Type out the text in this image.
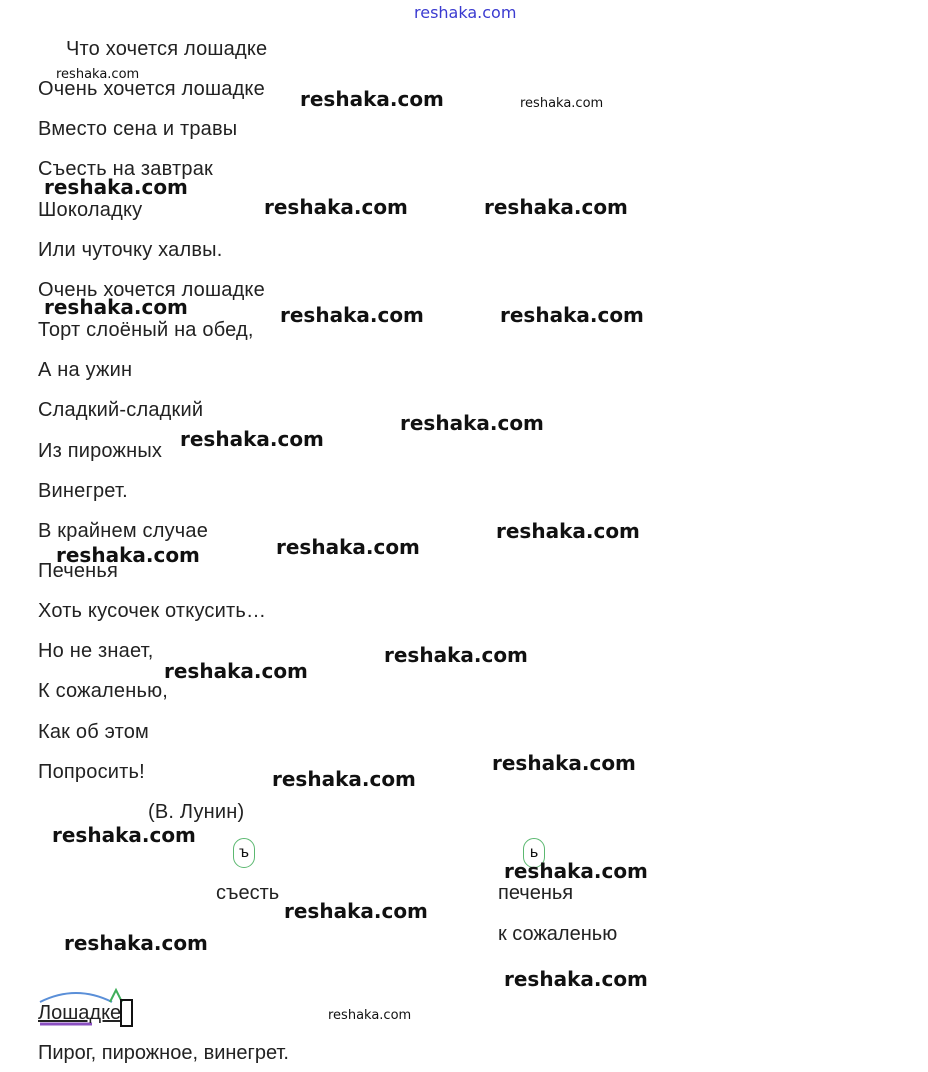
reshaka.com
Что хочется лошадке
Очень хочется лошадке
Вместо сена и травы
Съесть на завтрак
Шоколадку
Или чуточку халвы.
Очень хочется лошадке
Торт слоёный на обед,
А на ужин
Сладкий-сладкий
Из пирожных
Винегрет.
В крайнем случае
Печенья
Хоть кусочек откусить…
Но не знает,
К сожаленью,
Как об этом
Попросить!
(В. Лунин)
ъ	ь
съесть	печенья
к сожаленью
Лошадке
Пирог, пирожное, винегрет.
reshaka.com
reshaka.com	reshaka.com
reshaka.com
reshaka.com	reshaka.com
reshaka.com	reshaka.com	reshaka.com
reshaka.com
reshaka.com
reshaka.com
reshaka.com
reshaka.com
reshaka.com
reshaka.com
reshaka.com
reshaka.com
reshaka.com
reshaka.com
reshaka.com
reshaka.com
reshaka.com
reshaka.com
